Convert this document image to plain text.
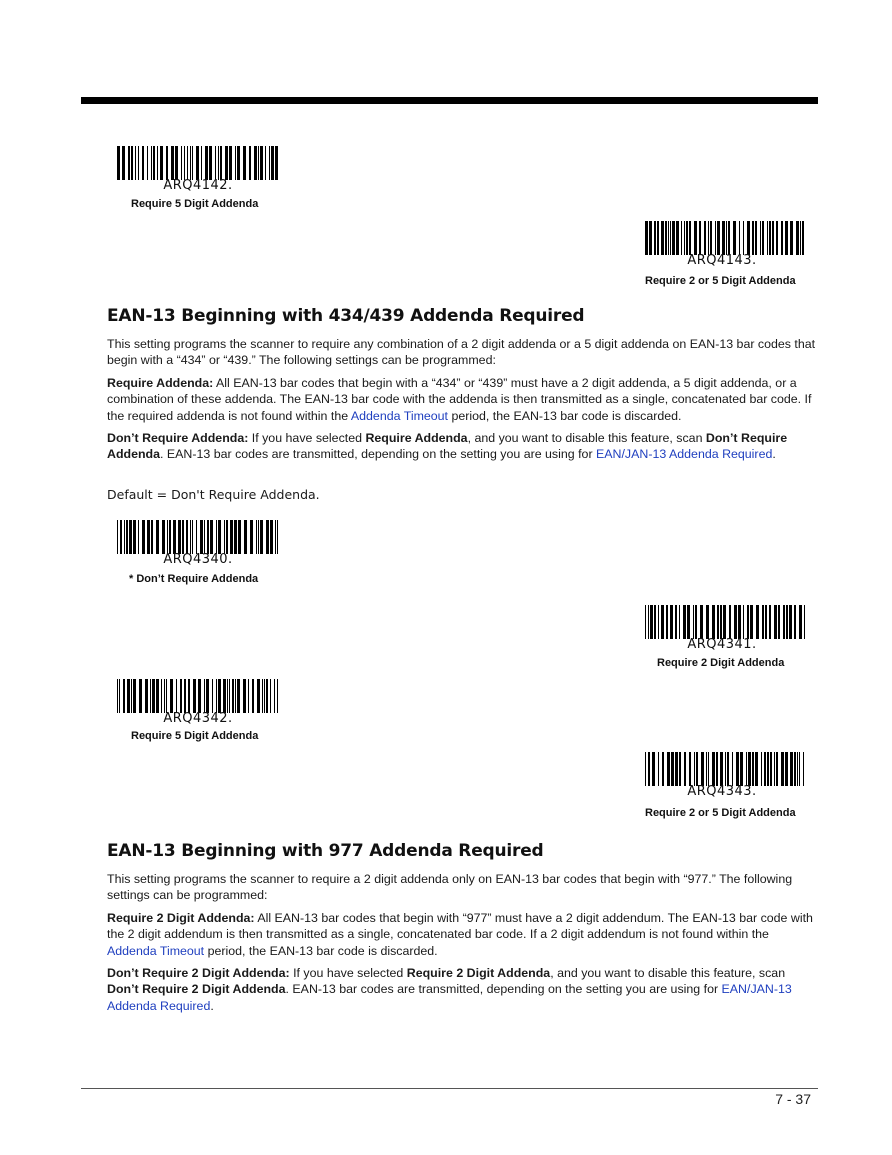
ARQ4142.
Require 5 Digit Addenda
ARQ4143.
Require 2 or 5 Digit Addenda
EAN-13 Beginning with 434/439 Addenda Required

This setting programs the scanner to require any combination of a 2 digit addenda or a 5 digit addenda on EAN-13 bar codes that begin with a “434” or “439.” The following settings can be programmed:

Require Addenda: All EAN-13 bar codes that begin with a “434” or “439” must have a 2 digit addenda, a 5 digit addenda, or a combination of these addenda. The EAN-13 bar code with the addenda is then transmitted as a single, concatenated bar code. If the required addenda is not found within the Addenda Timeout period, the EAN-13 bar code is discarded.

Don’t Require Addenda: If you have selected Require Addenda, and you want to disable this feature, scan Don’t Require Addenda. EAN-13 bar codes are transmitted, depending on the setting you are using for EAN/JAN-13 Addenda Required.

Default = Don't Require Addenda.
ARQ4340.
* Don’t Require Addenda
ARQ4341.
Require 2 Digit Addenda
ARQ4342.
Require 5 Digit Addenda
ARQ4343.
Require 2 or 5 Digit Addenda
EAN-13 Beginning with 977 Addenda Required

This setting programs the scanner to require a 2 digit addenda only on EAN-13 bar codes that begin with “977.” The following settings can be programmed:

Require 2 Digit Addenda: All EAN-13 bar codes that begin with “977” must have a 2 digit addendum. The EAN-13 bar code with the 2 digit addendum is then transmitted as a single, concatenated bar code. If a 2 digit addendum is not found within the Addenda Timeout period, the EAN-13 bar code is discarded.

Don’t Require 2 Digit Addenda: If you have selected Require 2 Digit Addenda, and you want to disable this feature, scan Don’t Require 2 Digit Addenda. EAN-13 bar codes are transmitted, depending on the setting you are using for EAN/JAN-13 Addenda Required.

7 - 37
